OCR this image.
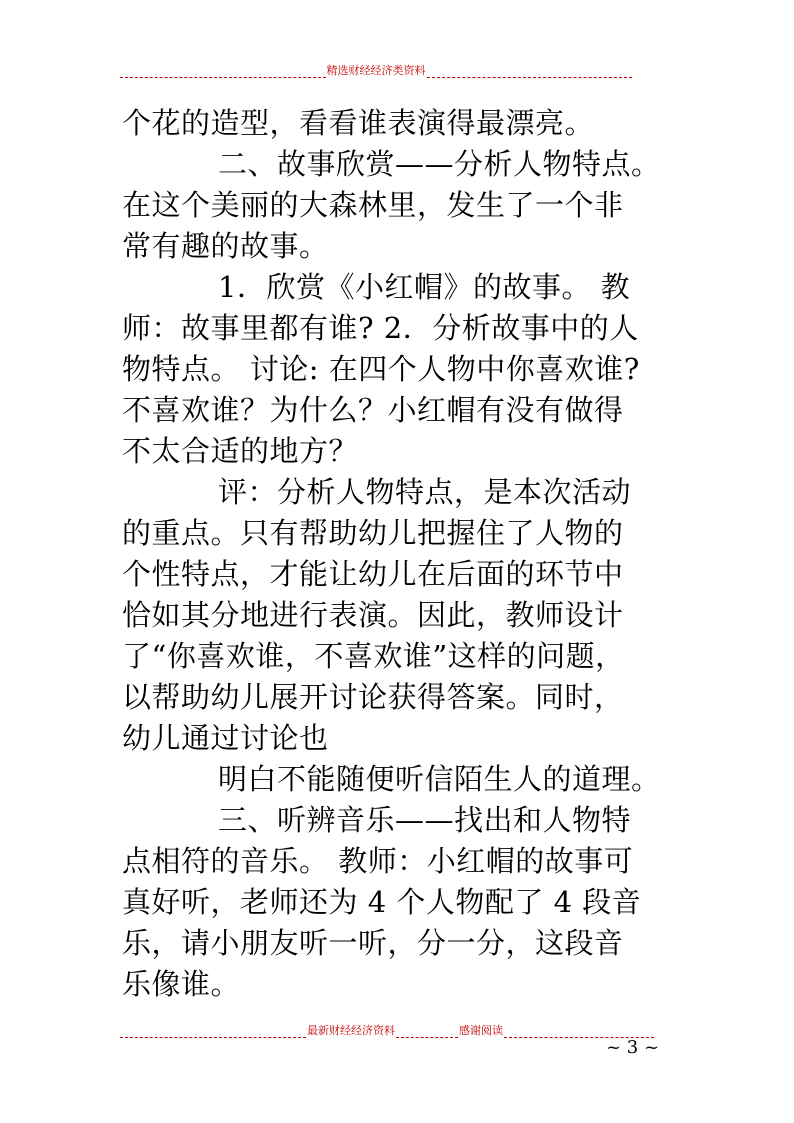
精选财经经济类资料

个花的造型，看看谁表演得最漂亮。

二、故事欣赏——分析人物特点。

在这个美丽的大森林里，发生了一个非

常有趣的故事。

1．欣赏《小红帽》的故事。 教

师：故事里都有谁? 2．分析故事中的人

物特点。 讨论: 在四个人物中你喜欢谁?

不喜欢谁？为什么？小红帽有没有做得

不太合适的地方？

评：分析人物特点，是本次活动

的重点。只有帮助幼儿把握住了人物的

个性特点，才能让幼儿在后面的环节中

恰如其分地进行表演。因此，教师设计

了“你喜欢谁，不喜欢谁”这样的问题，

以帮助幼儿展开讨论获得答案。同时，

幼儿通过讨论也

明白不能随便听信陌生人的道理。

三、听辨音乐——找出和人物特

点相符的音乐。 教师：小红帽的故事可

真好听，老师还为 4 个人物配了 4 段音

乐，请小朋友听一听，分一分，这段音

乐像谁。

最新财经经济资料	感谢阅读
~ 3 ~
